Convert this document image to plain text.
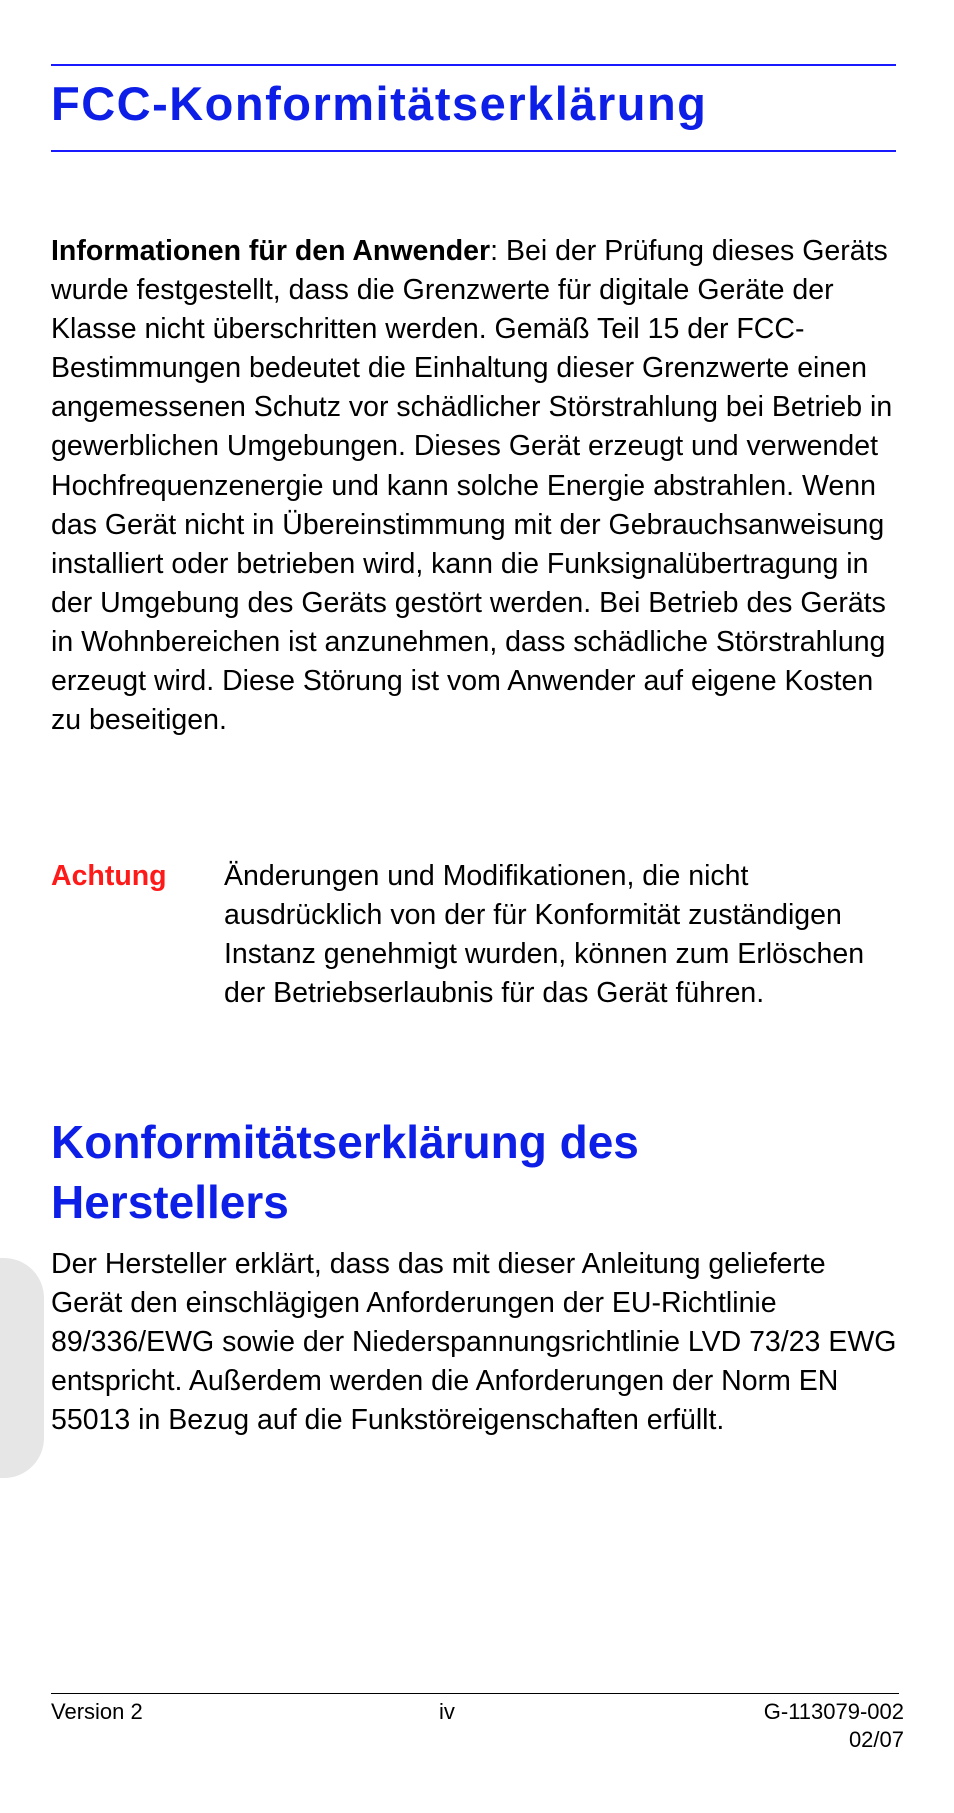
FCC-Konformitätserklärung

Informationen für den Anwender: Bei der Prüfung dieses Geräts wurde festgestellt, dass die Grenzwerte für digitale Geräte der Klasse nicht überschritten werden. Gemäß Teil 15 der FCC-Bestimmungen bedeutet die Einhaltung dieser Grenzwerte einen angemessenen Schutz vor schädlicher Störstrahlung bei Betrieb in gewerblichen Umgebungen. Dieses Gerät erzeugt und verwendet Hochfrequenzenergie und kann solche Energie abstrahlen. Wenn das Gerät nicht in Übereinstimmung mit der Gebrauchsanweisung installiert oder betrieben wird, kann die Funksignalübertragung in der Umgebung des Geräts gestört werden. Bei Betrieb des Geräts in Wohnbereichen ist anzunehmen, dass schädliche Störstrahlung erzeugt wird. Diese Störung ist vom Anwender auf eigene Kosten zu beseitigen.

Achtung Änderungen und Modifikationen, die nicht ausdrücklich von der für Konformität zuständigen Instanz genehmigt wurden, können zum Erlöschen der Betriebserlaubnis für das Gerät führen.

Konformitätserklärung des Herstellers

Der Hersteller erklärt, dass das mit dieser Anleitung gelieferte Gerät den einschlägigen Anforderungen der EU-Richtlinie 89/336/EWG sowie der Niederspannungsrichtlinie LVD 73/23 EWG entspricht. Außerdem werden die Anforderungen der Norm EN 55013 in Bezug auf die Funkstöreigenschaften erfüllt.

Version 2	iv	G-113079-002
02/07
